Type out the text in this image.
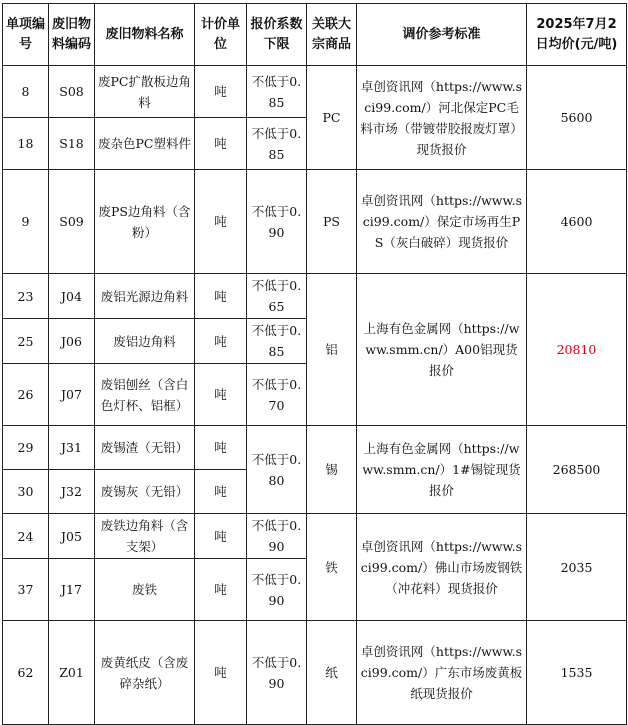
单项编号	废旧物料编码	废旧物料名称	计价单位	报价系数下限	关联大宗商品	调价参考标准	2025年7月2日均价(元/吨)
8	S08	废PC扩散板边角料	吨	不低于0.85	PC	卓创资讯网（https://www.sci99.com/）河北保定PC毛料市场（带镀带胶报废灯罩）现货报价	5600
18	S18	废杂色PC塑料件	吨	不低于0.85			
9	S09	废PS边角料（含粉）	吨	不低于0.90	PS	卓创资讯网（https://www.sci99.com/）保定市场再生PS（灰白破碎）现货报价	4600
23	J04	废铝光源边角料	吨	不低于0.65	铝	上海有色金属网（https://www.smm.cn/）A00铝现货报价	20810
25	J06	废铝边角料	吨	不低于0.85			
26	J07	废铝刨丝（含白色灯杯、铝框）	吨	不低于0.70			
29	J31	废锡渣（无铅）	吨	不低于0.80	锡	上海有色金属网（https://www.smm.cn/）1#锡锭现货报价	268500
30	J32	废锡灰（无铅）	吨				
24	J05	废铁边角料（含支架）	吨	不低于0.90	铁	卓创资讯网（https://www.sci99.com/）佛山市场废钢铁（冲花料）现货报价	2035
37	J17	废铁	吨	不低于0.90			
62	Z01	废黄纸皮（含废碎杂纸）	吨	不低于0.90	纸	卓创资讯网（https://www.sci99.com/）广东市场废黄板纸现货报价	1535
